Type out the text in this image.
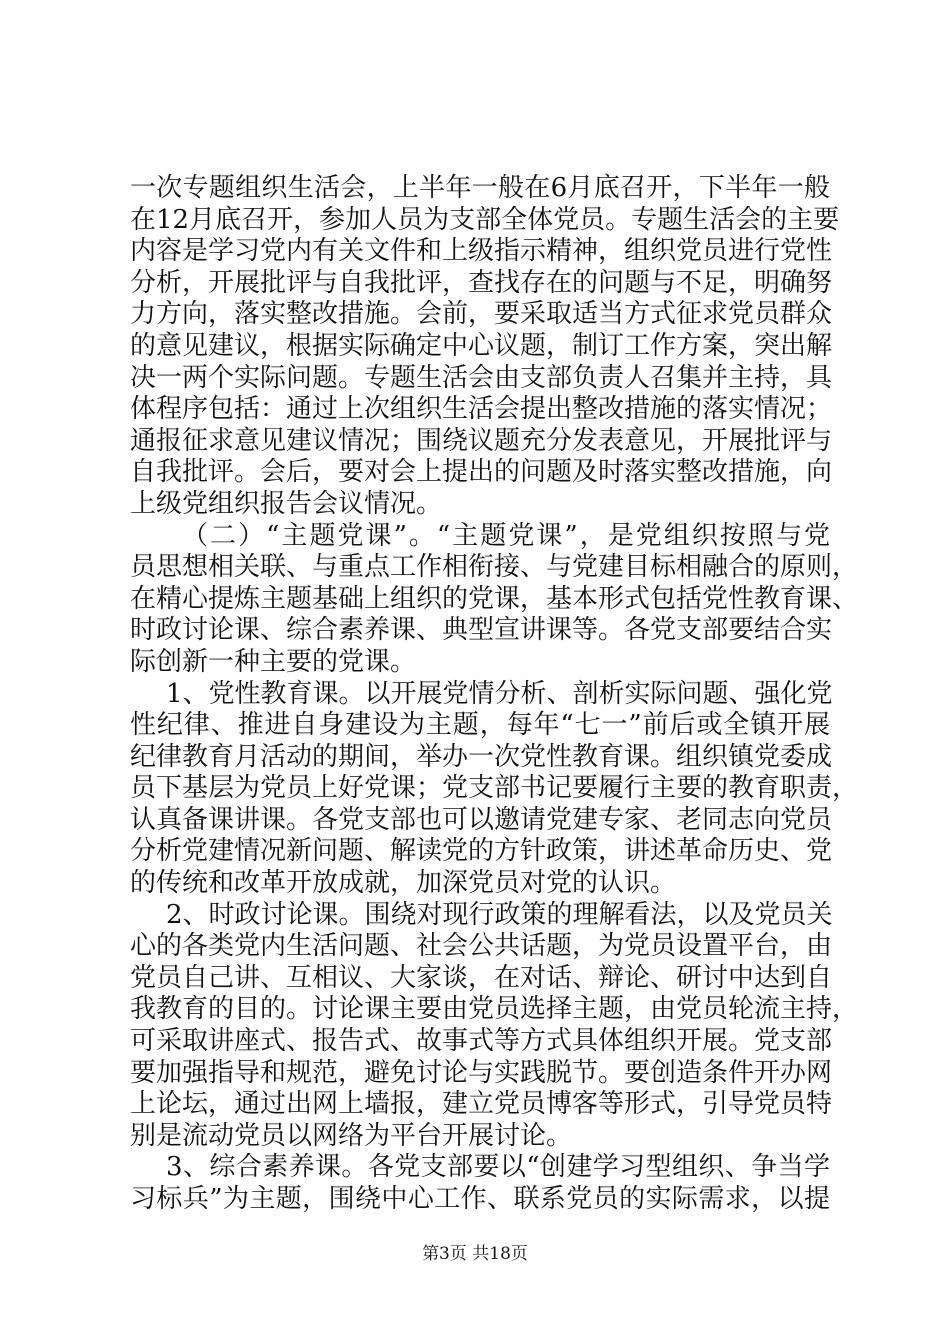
一次专题组织生活会，上半年一般在6月底召开，下半年一般
在12月底召开，参加人员为支部全体党员。专题生活会的主要
内容是学习党内有关文件和上级指示精神，组织党员进行党性
分析，开展批评与自我批评，查找存在的问题与不足，明确努
力方向，落实整改措施。会前，要采取适当方式征求党员群众
的意见建议，根据实际确定中心议题，制订工作方案，突出解
决一两个实际问题。专题生活会由支部负责人召集并主持，具
体程序包括：通过上次组织生活会提出整改措施的落实情况；
通报征求意见建议情况；围绕议题充分发表意见，开展批评与
自我批评。会后，要对会上提出的问题及时落实整改措施，向
上级党组织报告会议情况。
（二）“主题党课”。“主题党课”，是党组织按照与党
员思想相关联、与重点工作相衔接、与党建目标相融合的原则，
在精心提炼主题基础上组织的党课，基本形式包括党性教育课、
时政讨论课、综合素养课、典型宣讲课等。各党支部要结合实
际创新一种主要的党课。
1、党性教育课。以开展党情分析、剖析实际问题、强化党
性纪律、推进自身建设为主题，每年“七一”前后或全镇开展
纪律教育月活动的期间，举办一次党性教育课。组织镇党委成
员下基层为党员上好党课；党支部书记要履行主要的教育职责，
认真备课讲课。各党支部也可以邀请党建专家、老同志向党员
分析党建情况新问题、解读党的方针政策，讲述革命历史、党
的传统和改革开放成就，加深党员对党的认识。
2、时政讨论课。围绕对现行政策的理解看法，以及党员关
心的各类党内生活问题、社会公共话题，为党员设置平台，由
党员自己讲、互相议、大家谈，在对话、辩论、研讨中达到自
我教育的目的。讨论课主要由党员选择主题，由党员轮流主持，
可采取讲座式、报告式、故事式等方式具体组织开展。党支部
要加强指导和规范，避免讨论与实践脱节。要创造条件开办网
上论坛，通过出网上墙报，建立党员博客等形式，引导党员特
别是流动党员以网络为平台开展讨论。
3、综合素养课。各党支部要以“创建学习型组织、争当学
习标兵”为主题，围绕中心工作、联系党员的实际需求，以提
第3页 共18页
